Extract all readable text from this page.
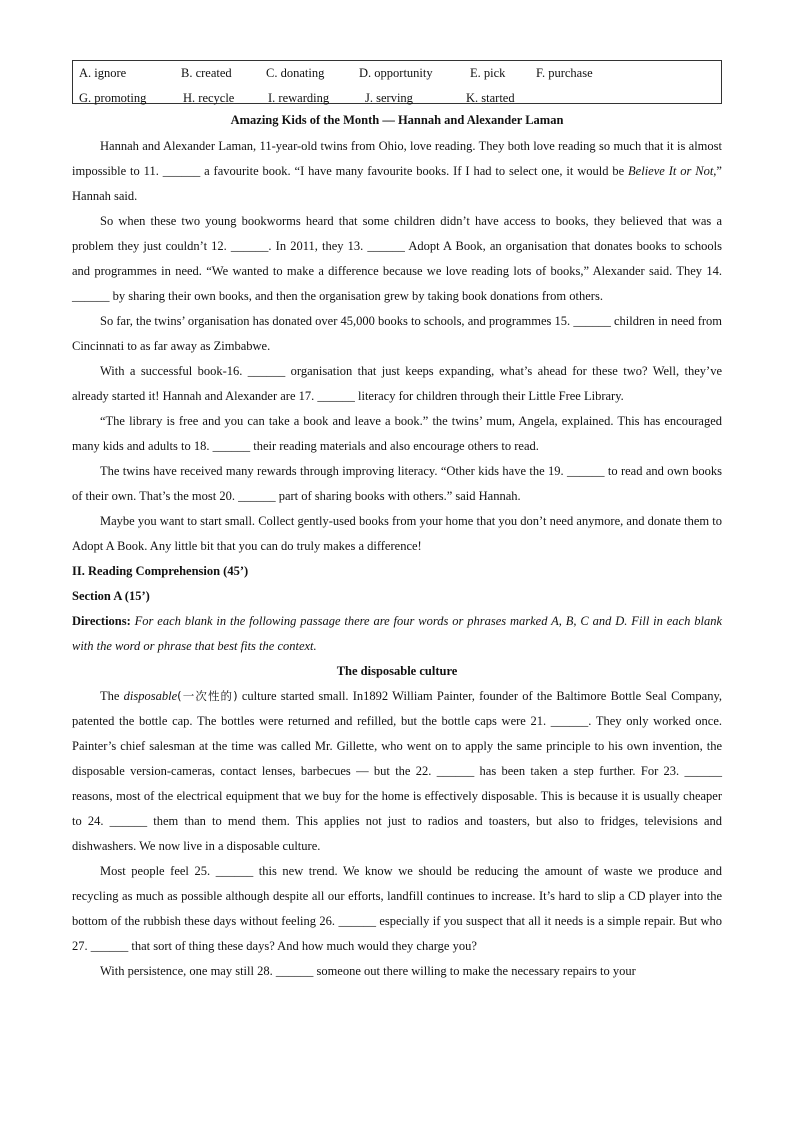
A. ignore	B. created	C. donating	D. opportunity	E. pick F. purchase
G. promoting	H. recycle	I. rewarding	J. serving	K. started
Amazing Kids of the Month — Hannah and Alexander Laman

Hannah and Alexander Laman, 11-year-old twins from Ohio, love reading. They both love reading so much that it is almost impossible to 11. ______ a favourite book. “I have many favourite books. If I had to select one, it would be Believe It or Not,” Hannah said.

So when these two young bookworms heard that some children didn’t have access to books, they believed that was a problem they just couldn’t 12. ______. In 2011, they 13. ______ Adopt A Book, an organisation that donates books to schools and programmes in need. “We wanted to make a difference because we love reading lots of books,” Alexander said. They 14. ______ by sharing their own books, and then the organisation grew by taking book donations from others.

So far, the twins’ organisation has donated over 45,000 books to schools, and programmes 15. ______ children in need from Cincinnati to as far away as Zimbabwe.

With a successful book-16. ______ organisation that just keeps expanding, what’s ahead for these two? Well, they’ve already started it! Hannah and Alexander are 17. ______ literacy for children through their Little Free Library.

“The library is free and you can take a book and leave a book.” the twins’ mum, Angela, explained. This has encouraged many kids and adults to 18. ______ their reading materials and also encourage others to read.

The twins have received many rewards through improving literacy. “Other kids have the 19. ______ to read and own books of their own. That’s the most 20. ______ part of sharing books with others.” said Hannah.

Maybe you want to start small. Collect gently-used books from your home that you don’t need anymore, and donate them to Adopt A Book. Any little bit that you can do truly makes a difference!

II. Reading Comprehension (45’)
Section A (15’)
Directions: For each blank in the following passage there are four words or phrases marked A, B, C and D. Fill in each blank with the word or phrase that best fits the context.
The disposable culture

The disposable(一次性的) culture started small. In1892 William Painter, founder of the Baltimore Bottle Seal Company, patented the bottle cap. The bottles were returned and refilled, but the bottle caps were 21. ______. They only worked once. Painter’s chief salesman at the time was called Mr. Gillette, who went on to apply the same principle to his own invention, the disposable version-cameras, contact lenses, barbecues — but the 22. ______ has been taken a step further. For 23. ______ reasons, most of the electrical equipment that we buy for the home is effectively disposable. This is because it is usually cheaper to 24. ______ them than to mend them. This applies not just to radios and toasters, but also to fridges, televisions and dishwashers. We now live in a disposable culture.

Most people feel 25. ______ this new trend. We know we should be reducing the amount of waste we produce and recycling as much as possible although despite all our efforts, landfill continues to increase. It’s hard to slip a CD player into the bottom of the rubbish these days without feeling 26. ______ especially if you suspect that all it needs is a simple repair. But who 27. ______ that sort of thing these days? And how much would they charge you?

With persistence, one may still 28. ______ someone out there willing to make the necessary repairs to your
